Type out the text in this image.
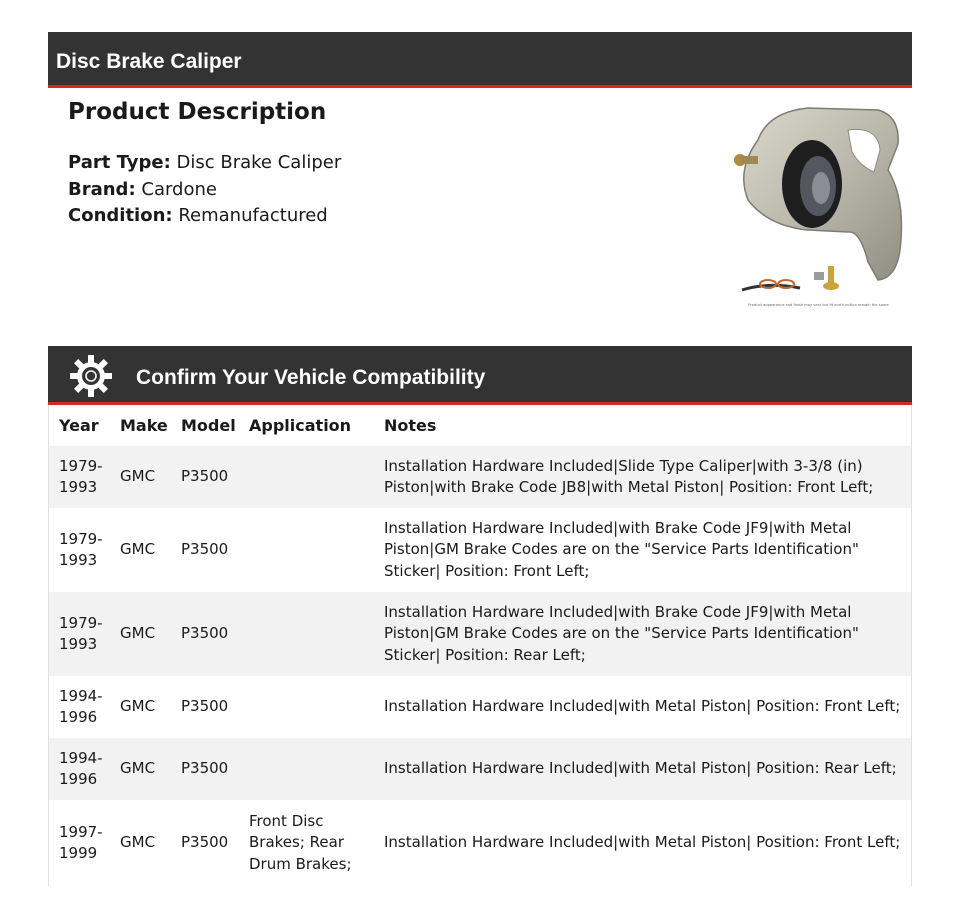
Disc Brake Caliper
Product Description
Part Type: Disc Brake Caliper
Brand: Cardone
Condition: Remanufactured
Product appearance and finish may vary but fit and function remain the same.
Confirm Your Vehicle Compatibility
Year	Make	Model	Application	Notes
1979-1993	GMC	P3500		Installation Hardware Included|Slide Type Caliper|with 3-3/8 (in) Piston|with Brake Code JB8|with Metal Piston| Position: Front Left;
1979-1993	GMC	P3500		Installation Hardware Included|with Brake Code JF9|with Metal Piston|GM Brake Codes are on the "Service Parts Identification" Sticker| Position: Front Left;
1979-1993	GMC	P3500		Installation Hardware Included|with Brake Code JF9|with Metal Piston|GM Brake Codes are on the "Service Parts Identification" Sticker| Position: Rear Left;
1994-1996	GMC	P3500		Installation Hardware Included|with Metal Piston| Position: Front Left;
1994-1996	GMC	P3500		Installation Hardware Included|with Metal Piston| Position: Rear Left;
1997-1999	GMC	P3500	Front Disc Brakes; Rear Drum Brakes;	Installation Hardware Included|with Metal Piston| Position: Front Left;
